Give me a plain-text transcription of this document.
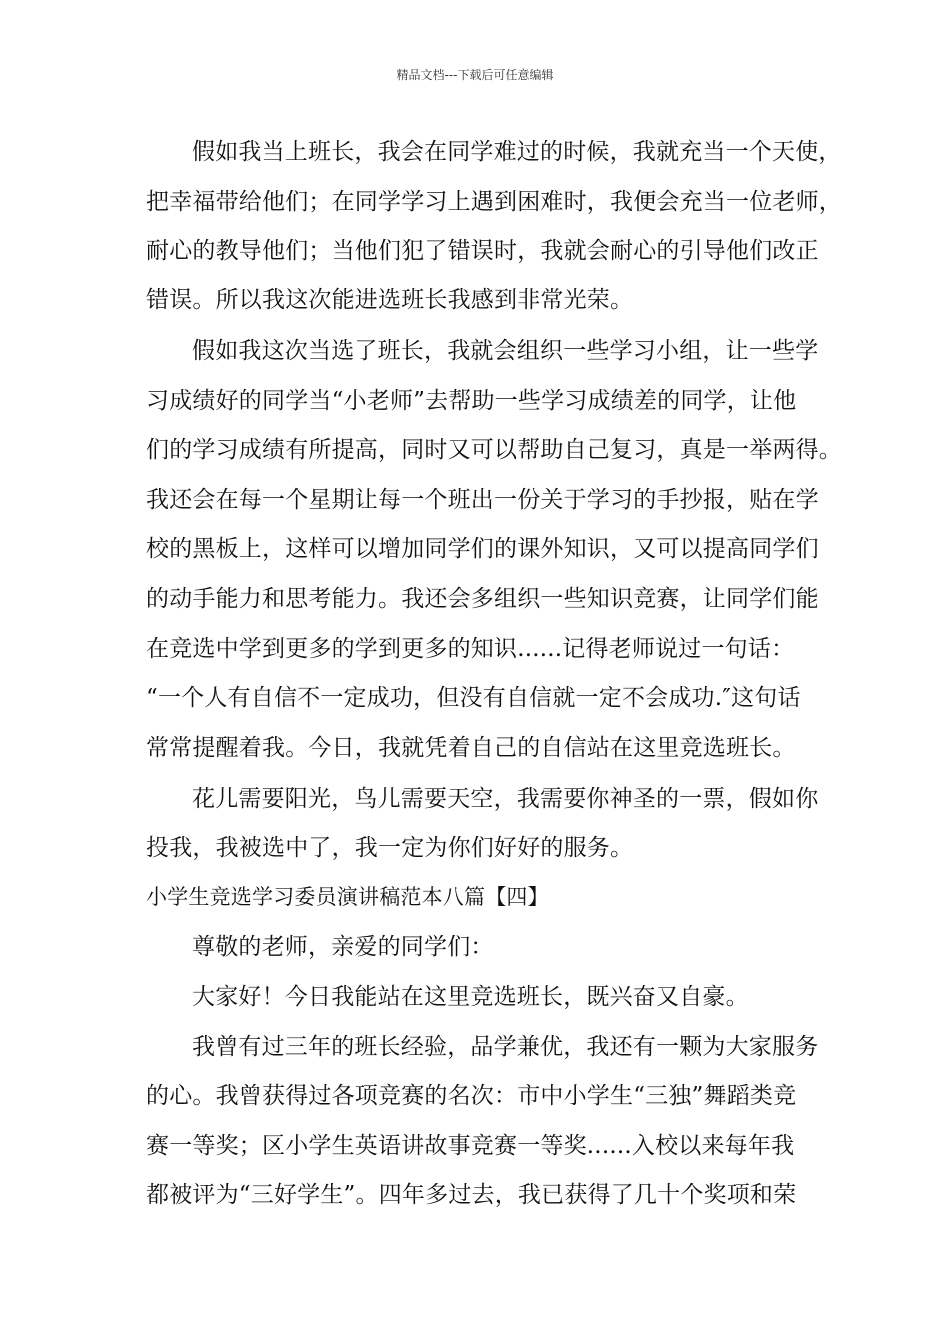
精品文档---下载后可任意编辑
假如我当上班长，我会在同学难过的时候，我就充当一个天使，
把幸福带给他们；在同学学习上遇到困难时，我便会充当一位老师，
耐心的教导他们；当他们犯了错误时，我就会耐心的引导他们改正
错误。所以我这次能进选班长我感到非常光荣。
假如我这次当选了班长，我就会组织一些学习小组，让一些学
习成绩好的同学当“小老师”去帮助一些学习成绩差的同学，让他
们的学习成绩有所提高，同时又可以帮助自己复习，真是一举两得。
我还会在每一个星期让每一个班出一份关于学习的手抄报，贴在学
校的黑板上，这样可以增加同学们的课外知识，又可以提高同学们
的动手能力和思考能力。我还会多组织一些知识竞赛，让同学们能
在竞选中学到更多的学到更多的知识......记得老师说过一句话：
“一个人有自信不一定成功，但没有自信就一定不会成功.″这句话
常常提醒着我。今日，我就凭着自己的自信站在这里竞选班长。
花儿需要阳光，鸟儿需要天空，我需要你神圣的一票，假如你
投我，我被选中了，我一定为你们好好的服务。
小学生竞选学习委员演讲稿范本八篇【四】
尊敬的老师，亲爱的同学们：
大家好！今日我能站在这里竞选班长，既兴奋又自豪。
我曾有过三年的班长经验，品学兼优，我还有一颗为大家服务
的心。我曾获得过各项竞赛的名次：市中小学生“三独”舞蹈类竞
赛一等奖；区小学生英语讲故事竞赛一等奖......入校以来每年我
都被评为“三好学生”。四年多过去，我已获得了几十个奖项和荣
